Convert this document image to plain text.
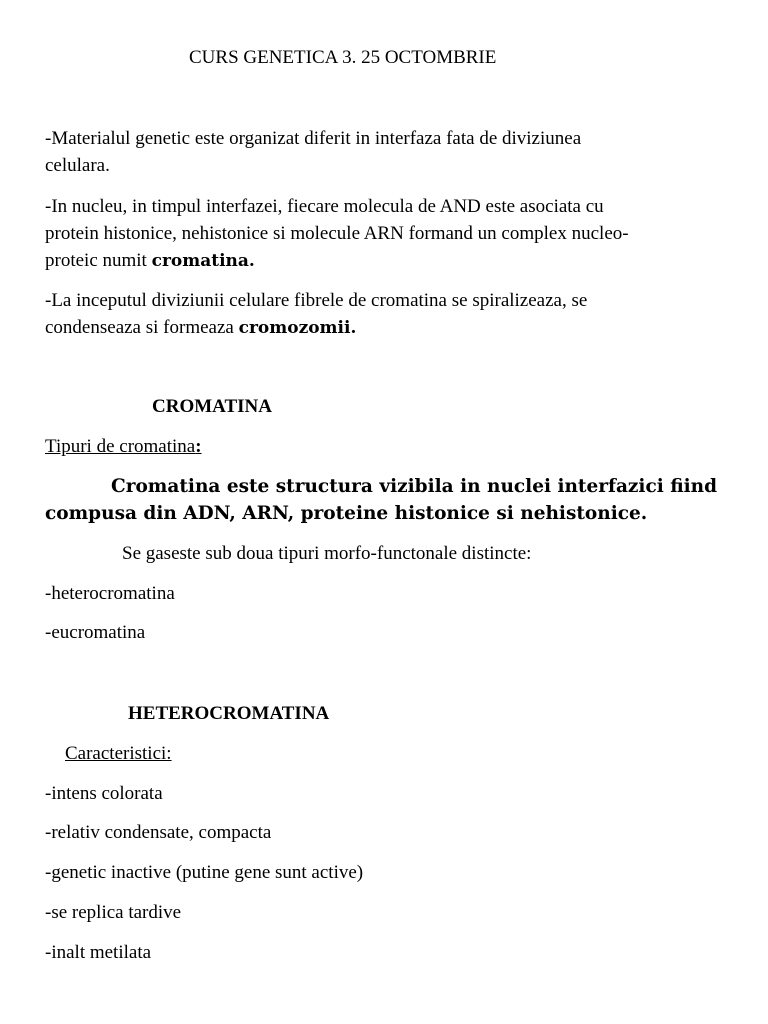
CURS GENETICA 3. 25 OCTOMBRIE

-Materialul genetic este organizat diferit in interfaza fata de diviziunea

celulara.

-In nucleu, in timpul interfazei, fiecare molecula de AND este asociata cu

protein histonice, nehistonice si molecule ARN formand un complex nucleo-

proteic numit cromatina.

-La inceputul diviziunii celulare fibrele de cromatina se spiralizeaza, se

condenseaza si formeaza cromozomii.

CROMATINA

Tipuri de cromatina:

Cromatina este structura vizibila in nuclei interfazici fiind

compusa din ADN, ARN, proteine histonice si nehistonice.

Se gaseste sub doua tipuri morfo-functonale distincte:

-heterocromatina

-eucromatina

HETEROCROMATINA

Caracteristici:

-intens colorata

-relativ condensate, compacta

-genetic inactive (putine gene sunt active)

-se replica tardive

-inalt metilata
